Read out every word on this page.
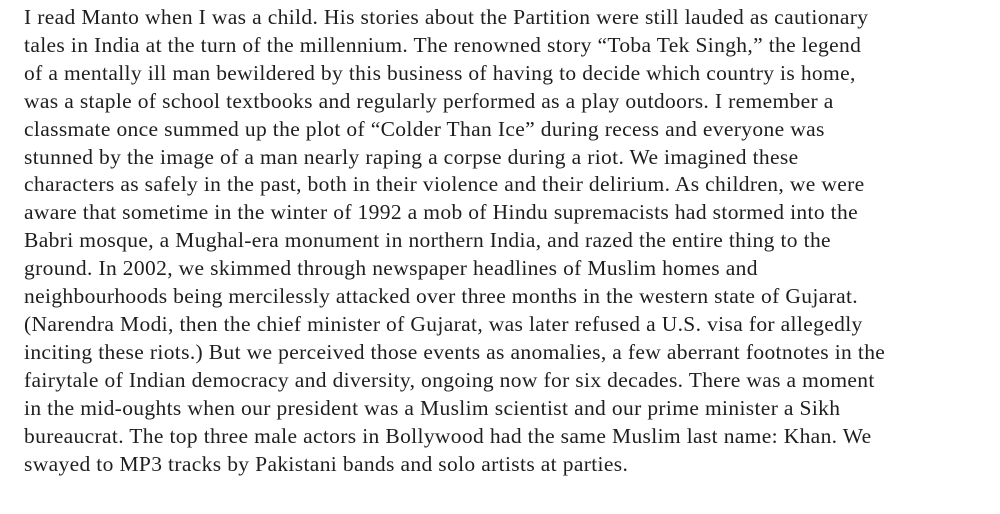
I read Manto when I was a child. His stories about the Partition were still lauded as cautionary
tales in India at the turn of the millennium. The renowned story “Toba Tek Singh,” the legend
of a mentally ill man bewildered by this business of having to decide which country is home,
was a staple of school textbooks and regularly performed as a play outdoors. I remember a
classmate once summed up the plot of “Colder Than Ice” during recess and everyone was
stunned by the image of a man nearly raping a corpse during a riot. We imagined these
characters as safely in the past, both in their violence and their delirium. As children, we were
aware that sometime in the winter of 1992 a mob of Hindu supremacists had stormed into the
Babri mosque, a Mughal-era monument in northern India, and razed the entire thing to the
ground. In 2002, we skimmed through newspaper headlines of Muslim homes and
neighbourhoods being mercilessly attacked over three months in the western state of Gujarat.
(Narendra Modi, then the chief minister of Gujarat, was later refused a U.S. visa for allegedly
inciting these riots.) But we perceived those events as anomalies, a few aberrant footnotes in the
fairytale of Indian democracy and diversity, ongoing now for six decades. There was a moment
in the mid-oughts when our president was a Muslim scientist and our prime minister a Sikh
bureaucrat. The top three male actors in Bollywood had the same Muslim last name: Khan. We
swayed to MP3 tracks by Pakistani bands and solo artists at parties.
